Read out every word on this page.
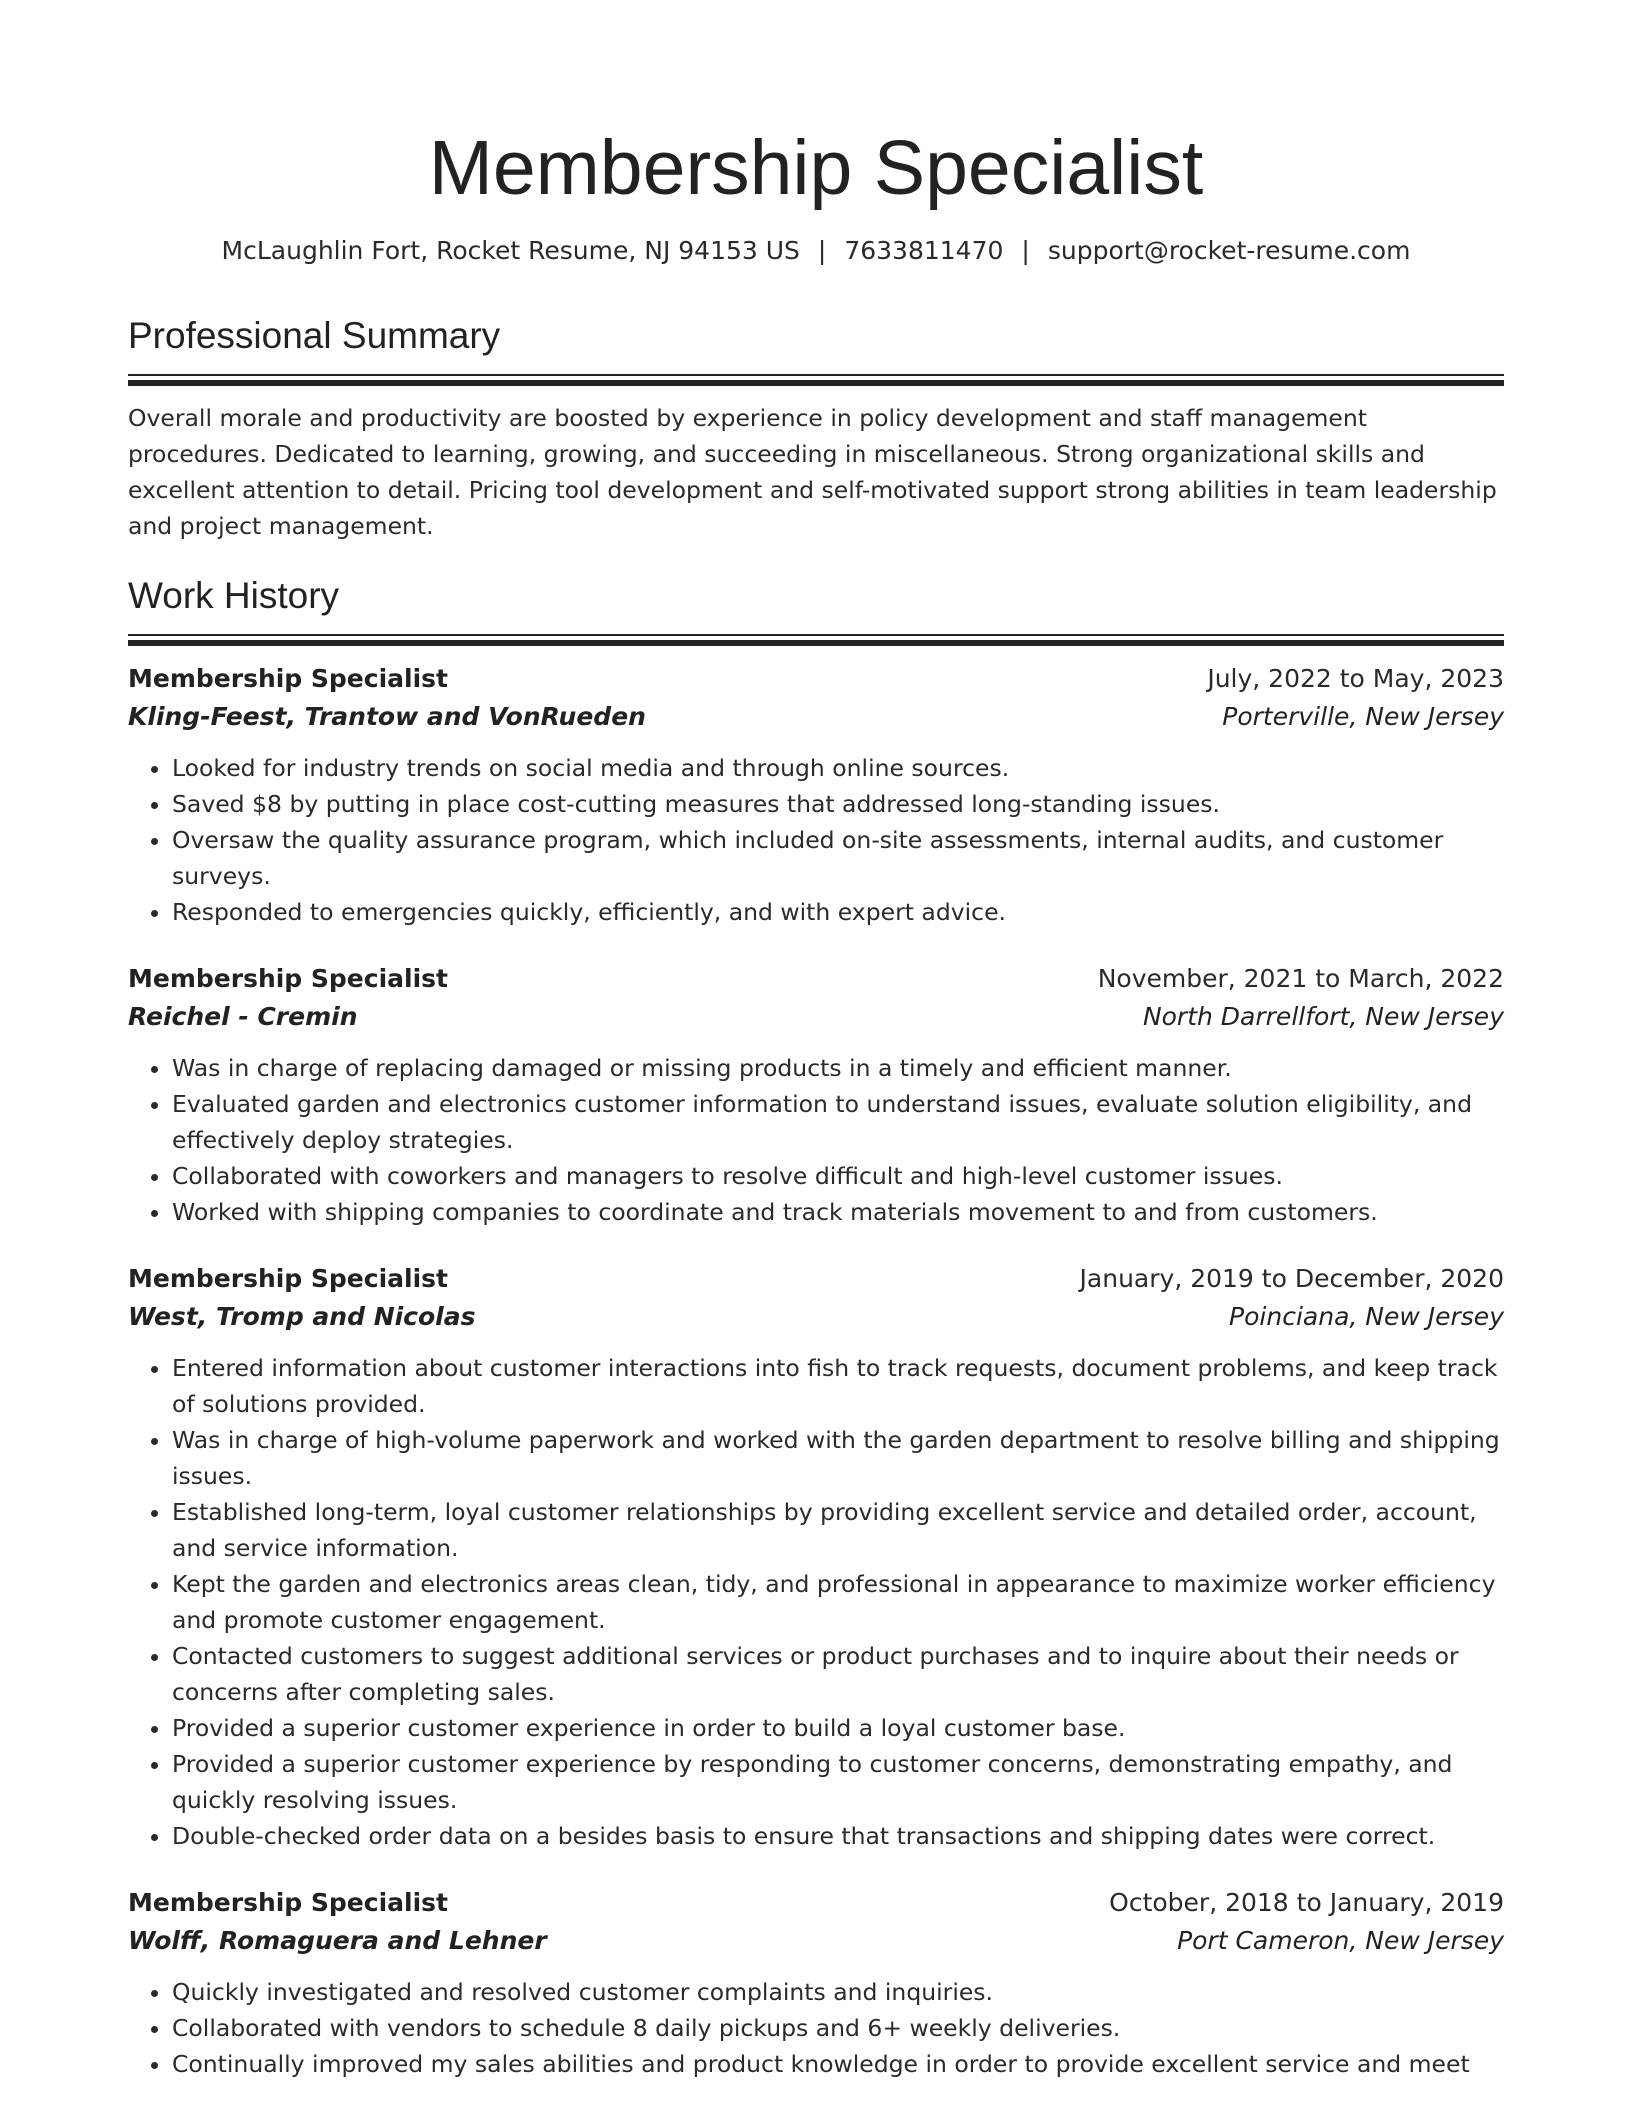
Membership Specialist
McLaughlin Fort, Rocket Resume, NJ 94153 US | 7633811470 | support@rocket-resume.com
Professional Summary
Overall morale and productivity are boosted by experience in policy development and staff management procedures. Dedicated to learning, growing, and succeeding in miscellaneous. Strong organizational skills and excellent attention to detail. Pricing tool development and self-motivated support strong abilities in team leadership and project management.
Work History
Membership Specialist	July, 2022 to May, 2023
Kling-Feest, Trantow and VonRueden	Porterville, New Jersey
• Looked for industry trends on social media and through online sources.
• Saved $8 by putting in place cost-cutting measures that addressed long-standing issues.
• Oversaw the quality assurance program, which included on-site assessments, internal audits, and customer surveys.
• Responded to emergencies quickly, efficiently, and with expert advice.
Membership Specialist	November, 2021 to March, 2022
Reichel - Cremin	North Darrellfort, New Jersey
• Was in charge of replacing damaged or missing products in a timely and efficient manner.
• Evaluated garden and electronics customer information to understand issues, evaluate solution eligibility, and effectively deploy strategies.
• Collaborated with coworkers and managers to resolve difficult and high-level customer issues.
• Worked with shipping companies to coordinate and track materials movement to and from customers.
Membership Specialist	January, 2019 to December, 2020
West, Tromp and Nicolas	Poinciana, New Jersey
• Entered information about customer interactions into fish to track requests, document problems, and keep track of solutions provided.
• Was in charge of high-volume paperwork and worked with the garden department to resolve billing and shipping issues.
• Established long-term, loyal customer relationships by providing excellent service and detailed order, account, and service information.
• Kept the garden and electronics areas clean, tidy, and professional in appearance to maximize worker efficiency and promote customer engagement.
• Contacted customers to suggest additional services or product purchases and to inquire about their needs or concerns after completing sales.
• Provided a superior customer experience in order to build a loyal customer base.
• Provided a superior customer experience by responding to customer concerns, demonstrating empathy, and quickly resolving issues.
• Double-checked order data on a besides basis to ensure that transactions and shipping dates were correct.
Membership Specialist	October, 2018 to January, 2019
Wolff, Romaguera and Lehner	Port Cameron, New Jersey
• Quickly investigated and resolved customer complaints and inquiries.
• Collaborated with vendors to schedule 8 daily pickups and 6+ weekly deliveries.
• Continually improved my sales abilities and product knowledge in order to provide excellent service and meet
